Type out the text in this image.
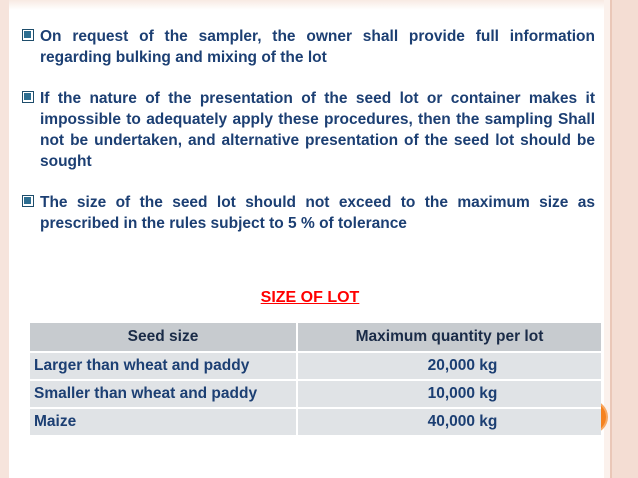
On request of the sampler, the owner shall provide full information regarding bulking and mixing of the lot
If the nature of the presentation of the seed lot or container makes it impossible to adequately apply these procedures, then the sampling Shall not be undertaken, and alternative presentation of the seed lot should be sought
The size of the seed lot should not exceed to the maximum size as prescribed in the rules subject to 5 % of tolerance
SIZE OF LOT
Seed size	Maximum quantity per lot
Larger than wheat and paddy	20,000 kg
Smaller than wheat and paddy	10,000 kg
Maize	40,000 kg
